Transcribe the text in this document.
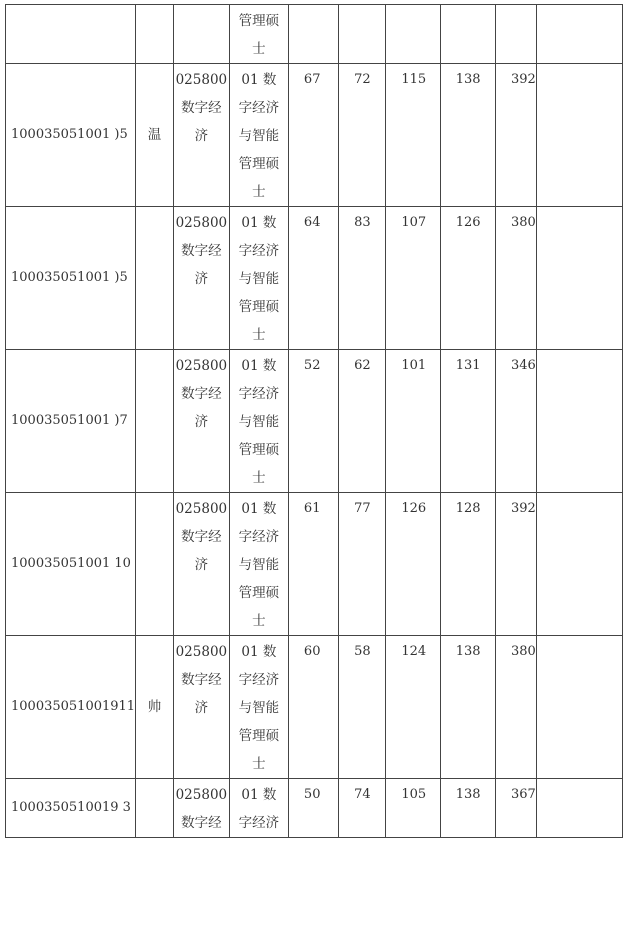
			管理硕
士						

100035051001 )5	温	025800
数字经
济	01 数
字经济
与智能
管理硕
士	67	72	115	138	392	
100035051001 )5		025800
数字经
济	01 数
字经济
与智能
管理硕
士	64	83	107	126	380	
100035051001 )7		025800
数字经
济	01 数
字经济
与智能
管理硕
士	52	62	101	131	346	
100035051001 10		025800
数字经
济	01 数
字经济
与智能
管理硕
士	61	77	126	128	392	
100035051001911	帅	025800
数字经
济	01 数
字经济
与智能
管理硕
士	60	58	124	138	380	
1000350510019 3		025800
数字经	01 数
字经济	50	74	105	138	367	
